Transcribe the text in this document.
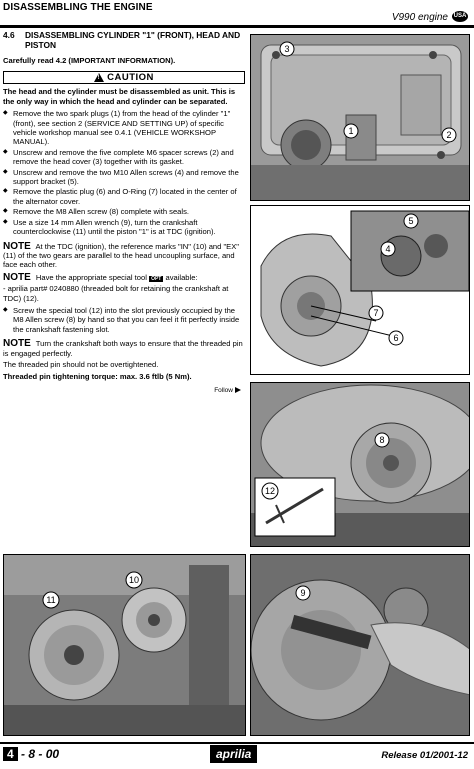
DISASSEMBLING THE ENGINE
V990 engine USA
4.6	DISASSEMBLING CYLINDER "1" (FRONT), HEAD AND PISTON

Carefully read 4.2 (IMPORTANT INFORMATION).

!
CAUTION

The head and the cylinder must be disassembled as unit. This is the only way in which the head and cylinder can be separated.

◆ Remove the two spark plugs (1) from the head of the cylinder "1" (front), see section 2 (SERVICE AND SETTING UP) of specific vehicle workshop manual see 0.4.1 (VEHICLE WORKSHOP MANUAL).
◆ Unscrew and remove the five complete M6 spacer screws (2) and remove the head cover (3) together with its gasket.
◆ Unscrew and remove the two M10 Allen screws (4) and remove the support bracket (5).
◆ Remove the plastic plug (6) and O-Ring (7) located in the center of the alternator cover.
◆ Remove the M8 Allen screw (8) complete with seals.
◆ Use a size 14 mm Allen wrench (9), turn the crankshaft counterclockwise (11) until the piston "1" is at TDC (ignition).

NOTE At the TDC (ignition), the reference marks "IN" (10) and "EX" (11) of the two gears are parallel to the head uncoupling surface, and face each other.

NOTE Have the appropriate special tool OPT available:
- aprilia part# 0240880 (threaded bolt for retaining the crankshaft at TDC) (12).

◆ Screw the special tool (12) into the slot previously occupied by the M8 Allen screw (8) by hand so that you can feel it fit perfectly inside the crankshaft fastening slot.

NOTE Turn the crankshaft both ways to ensure that the threaded pin is engaged perfectly.

The threaded pin should not be overtightened.

Threaded pin tightening torque: max. 3.6 ftlb (5 Nm).

Follow
3
1	2
5
4
7
6
8
12
10
11
9
4 - 8 - 00	aprilia	Release 01/2001-12
